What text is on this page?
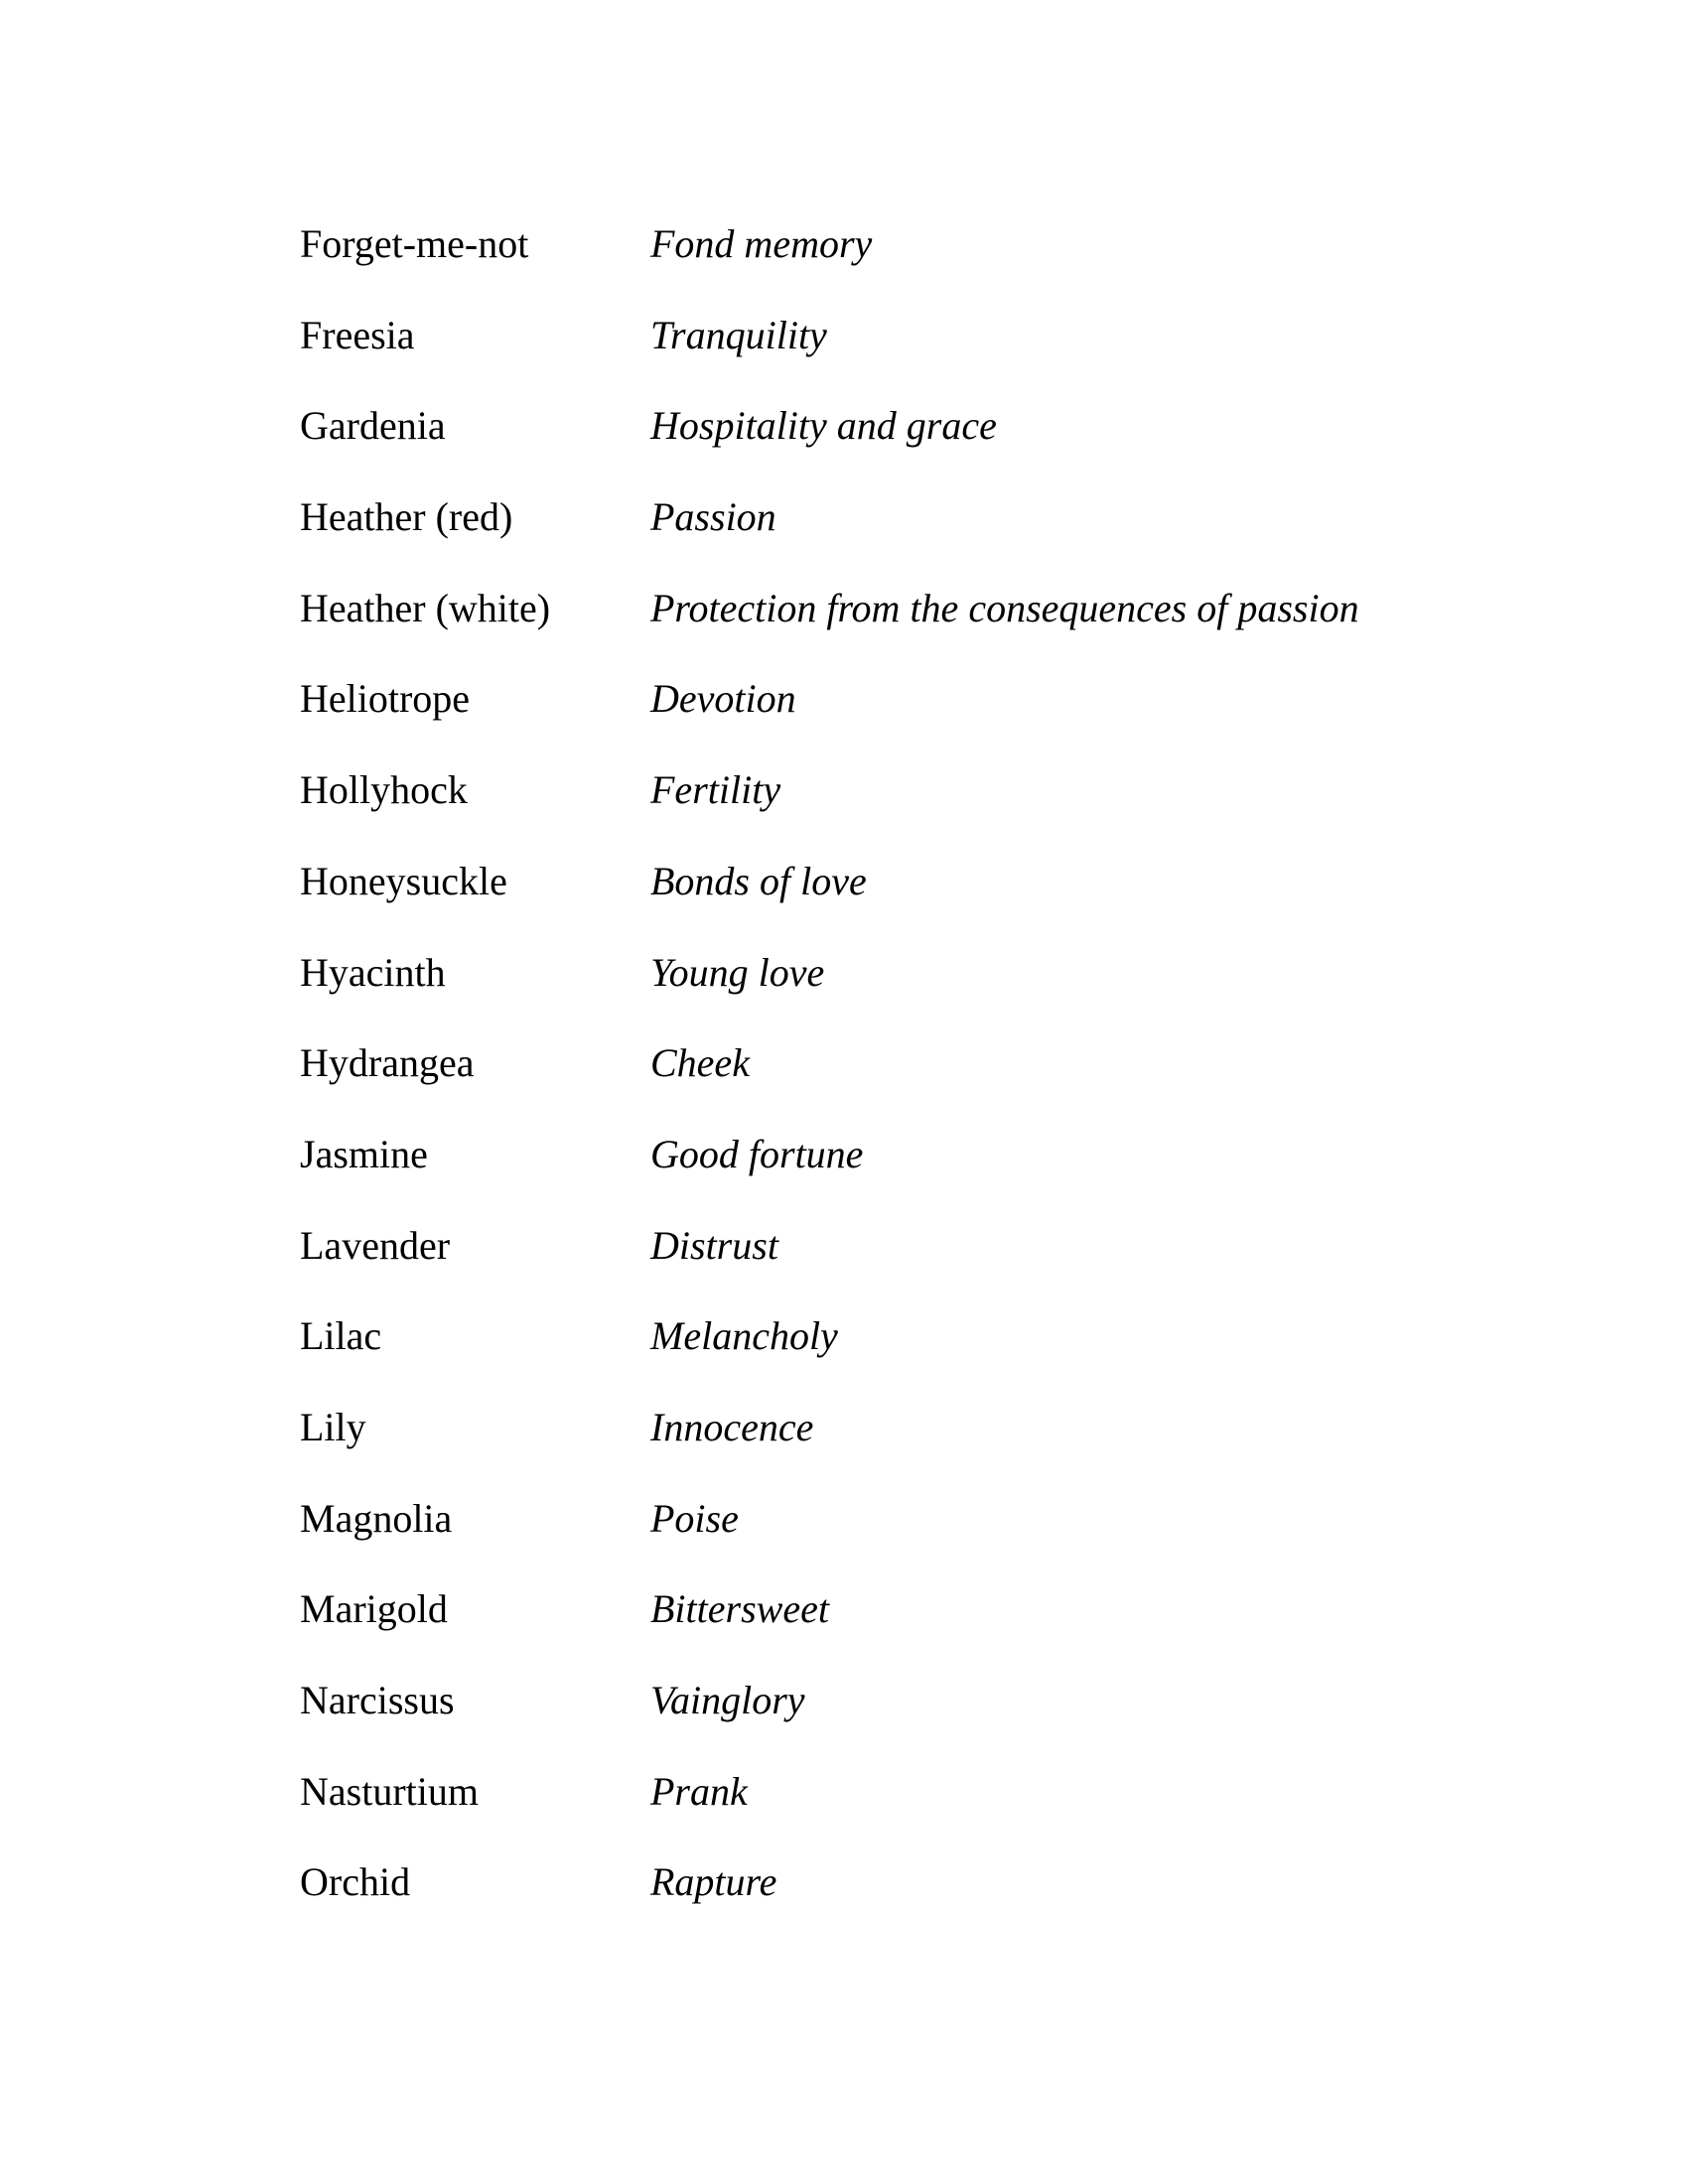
Forget-me-not	Fond memory
Freesia	Tranquility
Gardenia	Hospitality and grace
Heather (red)	Passion
Heather (white)	Protection from the consequences of passion
Heliotrope	Devotion
Hollyhock	Fertility
Honeysuckle	Bonds of love
Hyacinth	Young love
Hydrangea	Cheek
Jasmine	Good fortune
Lavender	Distrust
Lilac	Melancholy
Lily	Innocence
Magnolia	Poise
Marigold	Bittersweet
Narcissus	Vainglory
Nasturtium	Prank
Orchid	Rapture
